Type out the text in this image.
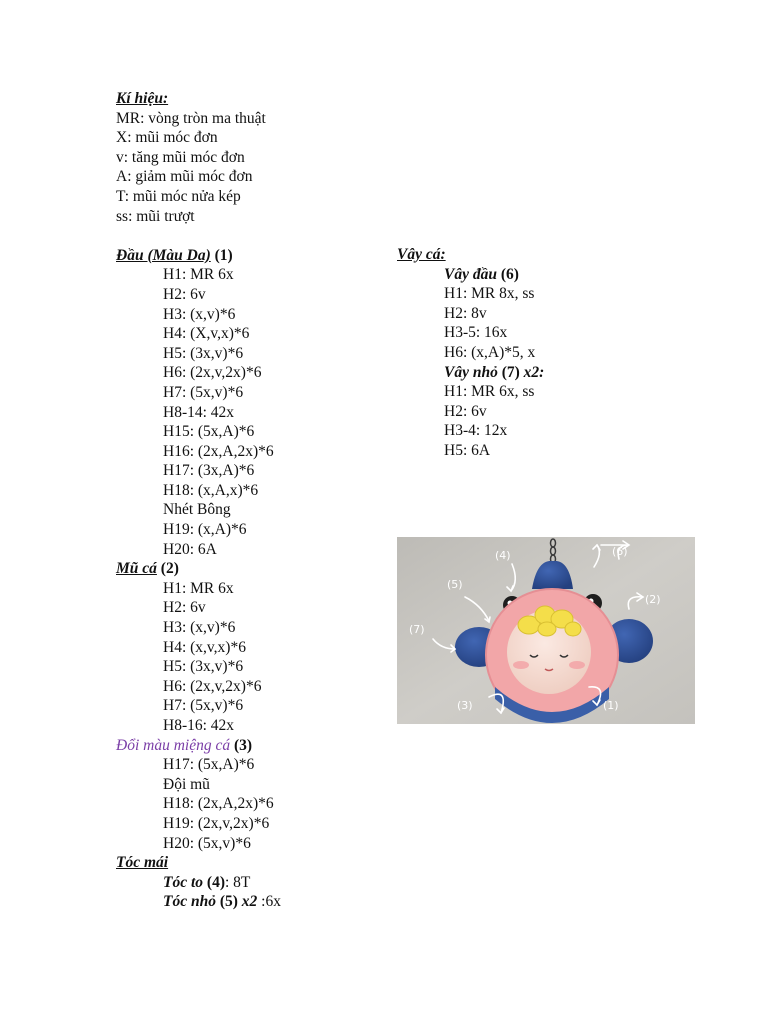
Kí hiệu:
MR: vòng tròn ma thuật
X: mũi móc đơn
v: tăng mũi móc đơn
A: giảm mũi móc đơn
T: mũi móc nửa kép
ss: mũi trượt
Đầu (Màu Da) (1)
H1: MR 6x
H2: 6v
H3: (x,v)*6
H4: (X,v,x)*6
H5: (3x,v)*6
H6: (2x,v,2x)*6
H7: (5x,v)*6
H8-14: 42x
H15: (5x,A)*6
H16: (2x,A,2x)*6
H17: (3x,A)*6
H18: (x,A,x)*6
Nhét Bông
H19: (x,A)*6
H20: 6A
Mũ cá (2)
H1: MR 6x
H2: 6v
H3: (x,v)*6
H4: (x,v,x)*6
H5: (3x,v)*6
H6: (2x,v,2x)*6
H7: (5x,v)*6
H8-16: 42x
Đổi màu miệng cá (3)
H17: (5x,A)*6
Đội mũ
H18: (2x,A,2x)*6
H19: (2x,v,2x)*6
H20: (5x,v)*6
Tóc mái
Tóc to (4): 8T
Tóc nhỏ (5) x2 :6x
Vây cá:
Vây đầu (6)
H1: MR 8x, ss
H2: 8v
H3-5: 16x
H6: (x,A)*5, x
Vây nhỏ (7) x2:
H1: MR 6x, ss
H2: 6v
H3-4: 12x
H5: 6A
(4)	(6)
(5)
(2)
(7)
(3)	(1)
